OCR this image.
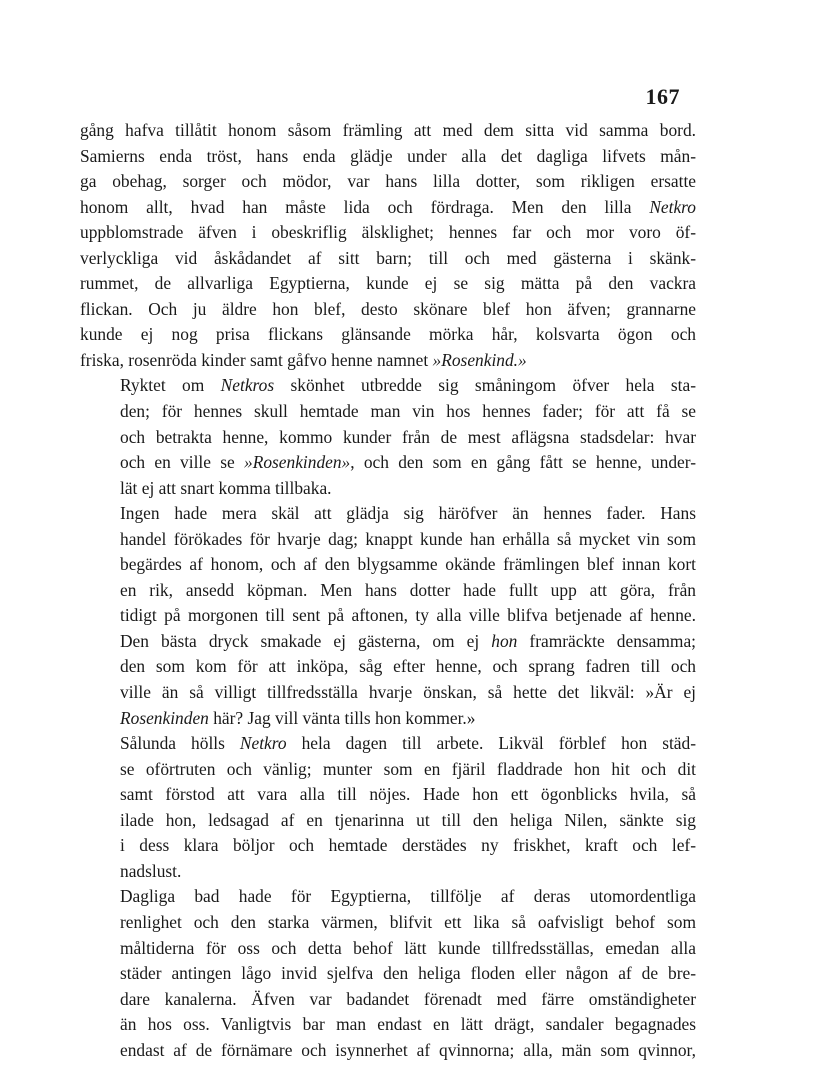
167
gång hafva tillåtit honom såsom främling att med dem sitta vid samma bord.
Samierns enda tröst, hans enda glädje under alla det dagliga lifvets mån-
ga obehag, sorger och mödor, var hans lilla dotter, som rikligen ersatte
honom allt, hvad han måste lida och fördraga. Men den lilla Netkro
uppblomstrade äfven i obeskriflig älsklighet; hennes far och mor voro öf-
verlyckliga vid åskådandet af sitt barn; till och med gästerna i skänk-
rummet, de allvarliga Egyptierna, kunde ej se sig mätta på den vackra
flickan. Och ju äldre hon blef, desto skönare blef hon äfven; grannarne
kunde ej nog prisa flickans glänsande mörka hår, kolsvarta ögon och
friska, rosenröda kinder samt gåfvo henne namnet »Rosenkind.»
Ryktet om Netkros skönhet utbredde sig småningom öfver hela sta-
den; för hennes skull hemtade man vin hos hennes fader; för att få se
och betrakta henne, kommo kunder från de mest aflägsna stadsdelar: hvar
och en ville se »Rosenkinden», och den som en gång fått se henne, under-
lät ej att snart komma tillbaka.
Ingen hade mera skäl att glädja sig häröfver än hennes fader. Hans
handel förökades för hvarje dag; knappt kunde han erhålla så mycket vin som
begärdes af honom, och af den blygsamme okände främlingen blef innan kort
en rik, ansedd köpman. Men hans dotter hade fullt upp att göra, från
tidigt på morgonen till sent på aftonen, ty alla ville blifva betjenade af henne.
Den bästa dryck smakade ej gästerna, om ej hon framräckte densamma;
den som kom för att inköpa, såg efter henne, och sprang fadren till och
ville än så villigt tillfredsställa hvarje önskan, så hette det likväl: »Är ej
Rosenkinden här? Jag vill vänta tills hon kommer.»
Sålunda hölls Netkro hela dagen till arbete. Likväl förblef hon städ-
se oförtruten och vänlig; munter som en fjäril fladdrade hon hit och dit
samt förstod att vara alla till nöjes. Hade hon ett ögonblicks hvila, så
ilade hon, ledsagad af en tjenarinna ut till den heliga Nilen, sänkte sig
i dess klara böljor och hemtade derstädes ny friskhet, kraft och lef-
nadslust.
Dagliga bad hade för Egyptierna, tillfölje af deras utomordentliga
renlighet och den starka värmen, blifvit ett lika så oafvisligt behof som
måltiderna för oss och detta behof lätt kunde tillfredsställas, emedan alla
städer antingen lågo invid sjelfva den heliga floden eller någon af de bre-
dare kanalerna. Äfven var badandet förenadt med färre omständigheter
än hos oss. Vanligtvis bar man endast en lätt drägt, sandaler begagnades
endast af de förnämare och isynnerhet af qvinnorna; alla, män som qvinnor,
